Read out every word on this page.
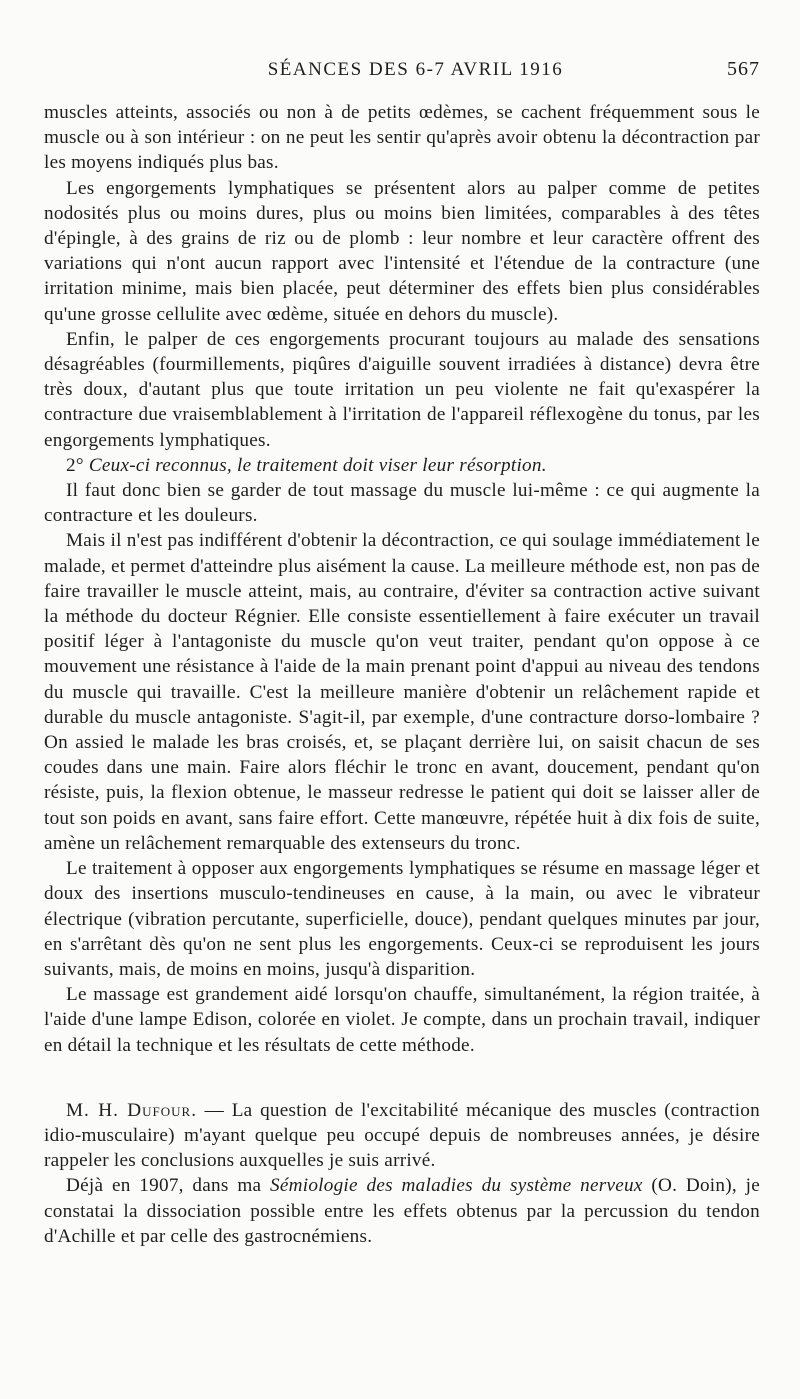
SÉANCES DES 6-7 AVRIL 1916	567

muscles atteints, associés ou non à de petits œdèmes, se cachent fréquemment sous le muscle ou à son intérieur : on ne peut les sentir qu'après avoir obtenu la décontraction par les moyens indiqués plus bas.

Les engorgements lymphatiques se présentent alors au palper comme de petites nodosités plus ou moins dures, plus ou moins bien limitées, comparables à des têtes d'épingle, à des grains de riz ou de plomb : leur nombre et leur caractère offrent des variations qui n'ont aucun rapport avec l'intensité et l'étendue de la contracture (une irritation minime, mais bien placée, peut déterminer des effets bien plus considérables qu'une grosse cellulite avec œdème, située en dehors du muscle).

Enfin, le palper de ces engorgements procurant toujours au malade des sensations désagréables (fourmillements, piqûres d'aiguille souvent irradiées à distance) devra être très doux, d'autant plus que toute irritation un peu violente ne fait qu'exaspérer la contracture due vraisemblablement à l'irritation de l'appareil réflexogène du tonus, par les engorgements lymphatiques.

2° Ceux-ci reconnus, le traitement doit viser leur résorption.

Il faut donc bien se garder de tout massage du muscle lui-même : ce qui augmente la contracture et les douleurs.

Mais il n'est pas indifférent d'obtenir la décontraction, ce qui soulage immédiatement le malade, et permet d'atteindre plus aisément la cause. La meilleure méthode est, non pas de faire travailler le muscle atteint, mais, au contraire, d'éviter sa contraction active suivant la méthode du docteur Régnier. Elle consiste essentiellement à faire exécuter un travail positif léger à l'antagoniste du muscle qu'on veut traiter, pendant qu'on oppose à ce mouvement une résistance à l'aide de la main prenant point d'appui au niveau des tendons du muscle qui travaille. C'est la meilleure manière d'obtenir un relâchement rapide et durable du muscle antagoniste. S'agit-il, par exemple, d'une contracture dorso-lombaire ? On assied le malade les bras croisés, et, se plaçant derrière lui, on saisit chacun de ses coudes dans une main. Faire alors fléchir le tronc en avant, doucement, pendant qu'on résiste, puis, la flexion obtenue, le masseur redresse le patient qui doit se laisser aller de tout son poids en avant, sans faire effort. Cette manœuvre, répétée huit à dix fois de suite, amène un relâchement remarquable des extenseurs du tronc.

Le traitement à opposer aux engorgements lymphatiques se résume en massage léger et doux des insertions musculo-tendineuses en cause, à la main, ou avec le vibrateur électrique (vibration percutante, superficielle, douce), pendant quelques minutes par jour, en s'arrêtant dès qu'on ne sent plus les engorgements. Ceux-ci se reproduisent les jours suivants, mais, de moins en moins, jusqu'à disparition.

Le massage est grandement aidé lorsqu'on chauffe, simultanément, la région traitée, à l'aide d'une lampe Edison, colorée en violet. Je compte, dans un prochain travail, indiquer en détail la technique et les résultats de cette méthode.

M. H. Dufour. — La question de l'excitabilité mécanique des muscles (contraction idio-musculaire) m'ayant quelque peu occupé depuis de nombreuses années, je désire rappeler les conclusions auxquelles je suis arrivé.

Déjà en 1907, dans ma Sémiologie des maladies du système nerveux (O. Doin), je constatai la dissociation possible entre les effets obtenus par la percussion du tendon d'Achille et par celle des gastrocnémiens.
